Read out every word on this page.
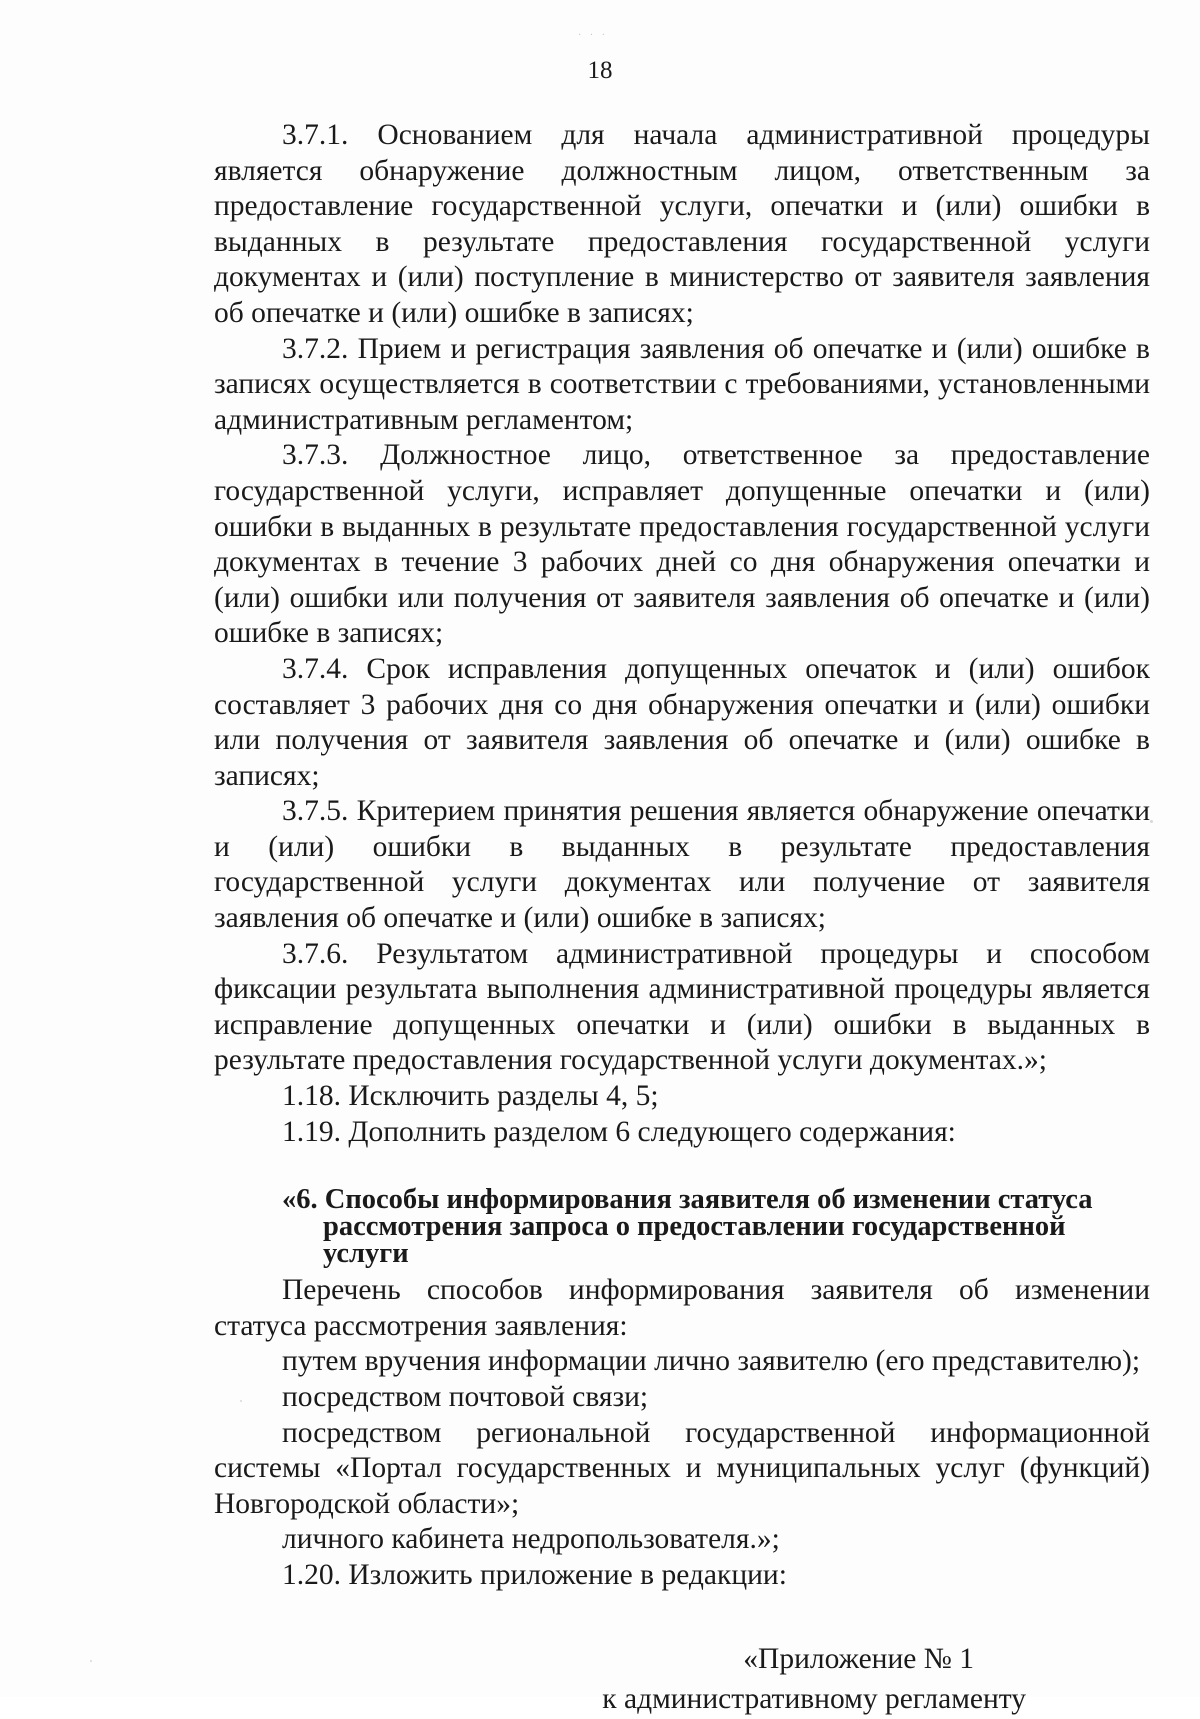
· · ·
18

3.7.1. Основанием для начала административной процедуры является обнаружение должностным лицом, ответственным за предоставление государственной услуги, опечатки и (или) ошибки в выданных в результате предоставления государственной услуги документах и (или) поступление в министерство от заявителя заявления об опечатке и (или) ошибке в записях;

3.7.2. Прием и регистрация заявления об опечатке и (или) ошибке в записях осуществляется в соответствии с требованиями, установленными административным регламентом;

3.7.3. Должностное лицо, ответственное за предоставление государственной услуги, исправляет допущенные опечатки и (или) ошибки в выданных в результате предоставления государственной услуги документах в течение 3 рабочих дней со дня обнаружения опечатки и (или) ошибки или получения от заявителя заявления об опечатке и (или) ошибке в записях;

3.7.4. Срок исправления допущенных опечаток и (или) ошибок составляет 3 рабочих дня со дня обнаружения опечатки и (или) ошибки или получения от заявителя заявления об опечатке и (или) ошибке в записях;

3.7.5. Критерием принятия решения является обнаружение опечатки и (или) ошибки в выданных в результате предоставления государственной услуги документах или получение от заявителя заявления об опечатке и (или) ошибке в записях;

3.7.6. Результатом административной процедуры и способом фиксации результата выполнения административной процедуры является исправление допущенных опечатки и (или) ошибки в выданных в результате предоставления государственной услуги документах.»;

1.18. Исключить разделы 4, 5;

1.19. Дополнить разделом 6 следующего содержания:

«6. Способы информирования заявителя об изменении статуса
рассмотрения запроса о предоставлении государственной услуги

Перечень способов информирования заявителя об изменении статуса рассмотрения заявления:

путем вручения информации лично заявителю (его представителю);

посредством почтовой связи;

посредством региональной государственной информационной системы «Портал государственных и муниципальных услуг (функций) Новгородской области»;

личного кабинета недропользователя.»;

1.20. Изложить приложение в редакции:

«Приложение № 1
к административному регламенту
